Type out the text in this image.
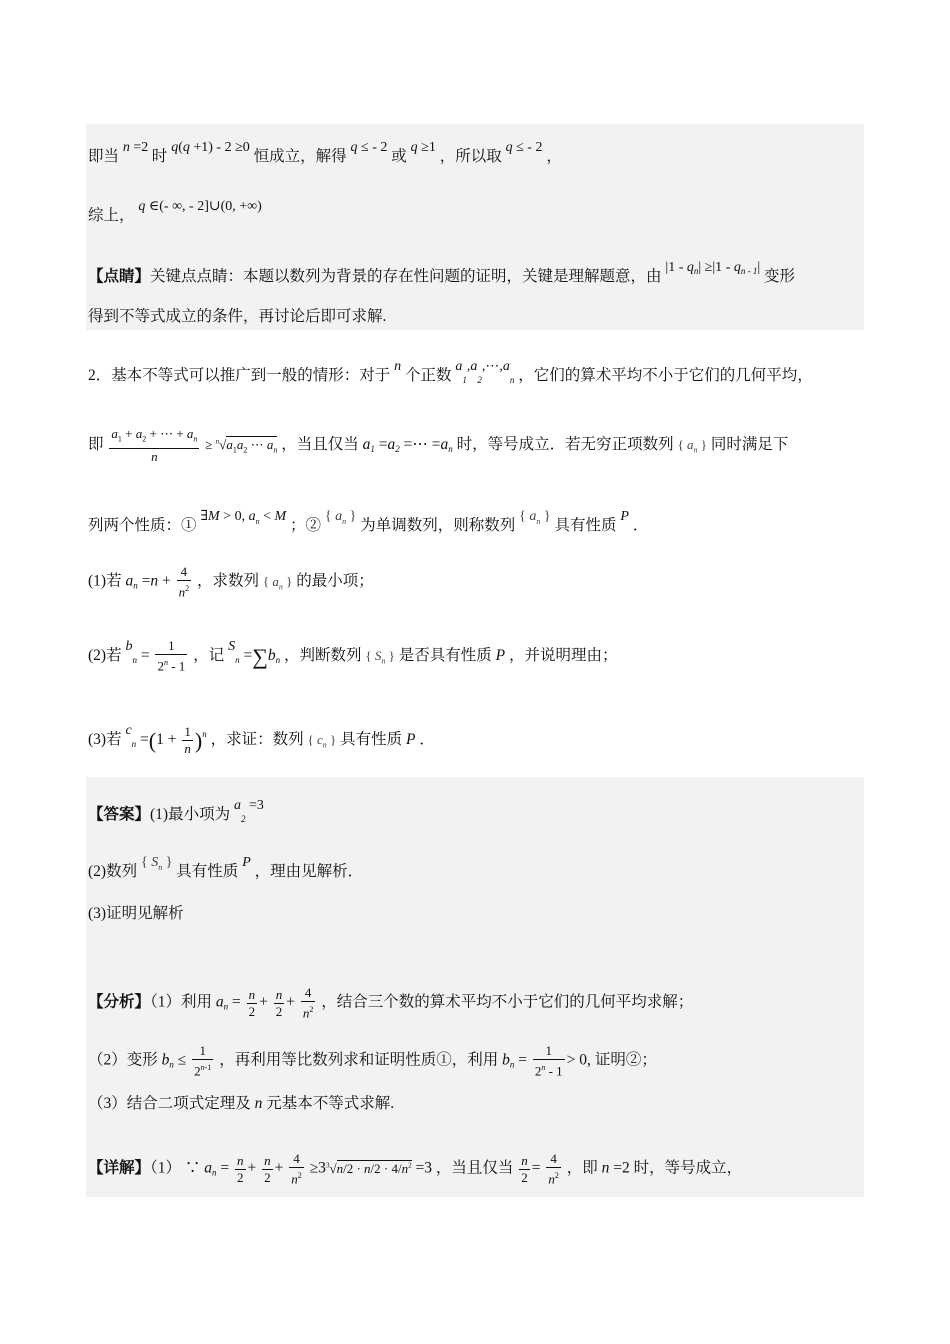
即当 n =2 时 q(q +1) - 2 ≥0 恒成立，解得 q ≤ - 2 或 q ≥1 ，所以取 q ≤ - 2 ，
综上， q ∈(- ∞, - 2]∪(0, +∞)
【点睛】关键点点睛：本题以数列为背景的存在性问题的证明，关键是理解题意，由 $|1 - q^n| \ge|1 - q^{n - 1}|$ 变形
得到不等式成立的条件，再讨论后即可求解.
2．基本不等式可以推广到一般的情形：对于 n 个正数 $a_1,a_2,\cdots,a_n$ ，它们的算术平均不小于它们的几何平均，
即 $\frac{a_1 + a_2 + \cdots + a_n}{n} \ge ^n√a_1a_2$ ⋯ $a_n$ ，当且仅当 $a_1 =a_2$ =⋯ $=a_n$ 时，等号成立．若无穷正项数列 { $a_n$ } 同时满足下
列两个性质：① ∃M > 0, $a_n < M$ ；② { $a_n$ } 为单调数列，则称数列 { $a_n$ } 具有性质 P ．
(1)若 $a_n =n + \frac{4}{n^2}$ ，求数列 { $a_n$ } 的最小项；
(2)若 $b_n = \frac{1}{2^n - 1}$ ，记 $S_n =\sum b_n$ ，判断数列 { $S_n$ } 是否具有性质 P ，并说明理由；
(3)若 $c_n =(1 + \frac{1}{n} )^n$ ，求证：数列 { $c_n$ } 具有性质 P ．
【答案】(1)最小项为 $a_2 =3$
(2)数列 { $S_n$ } 具有性质 P ，理由见解析．
(3)证明见解析
【分析】（1）利用 $a_n = \frac{n}{2} + \frac{n}{2} + \frac{4}{n^2}$ ，结合三个数的算术平均不小于它们的几何平均求解；
（2）变形 $b_n \le \frac{1}{2^{n-1}}$ ，再利用等比数列求和证明性质①，利用 $b_n = \frac{1}{2^n - 1} > 0$, 证明②；
（3）结合二项式定理及 n 元基本不等式求解.
【详解】（1） ∵ $a_n = \frac{n}{2} + \frac{n}{2} + \frac{4}{n^2} \ge 3^3√n/2 \cdot n/2 \cdot 4/n^2 =3$ ，当且仅当 $\frac{n}{2} = \frac{4}{n^2}$ ，即 n =2 时，等号成立，
